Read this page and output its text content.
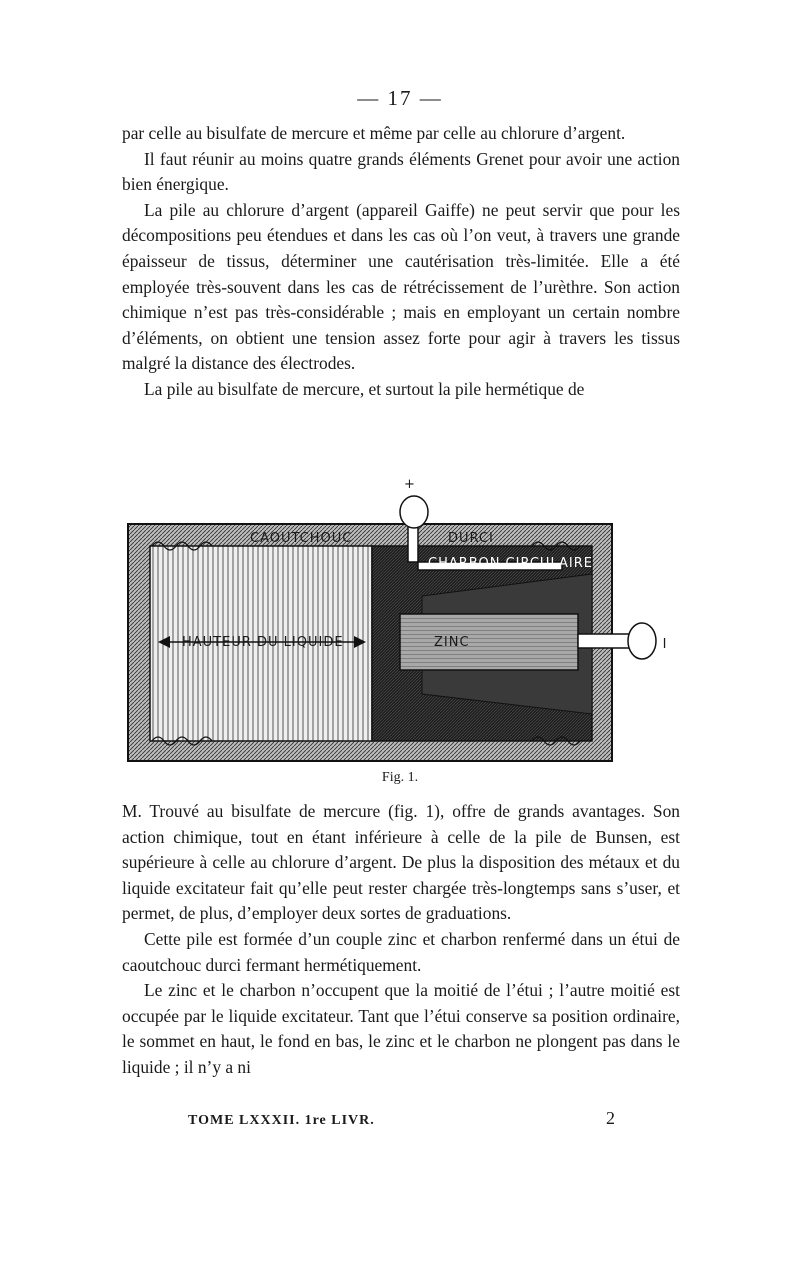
— 17 —

par celle au bisulfate de mercure et même par celle au chlorure d’argent.

Il faut réunir au moins quatre grands éléments Grenet pour avoir une action bien énergique.

La pile au chlorure d’argent (appareil Gaiffe) ne peut servir que pour les décompositions peu étendues et dans les cas où l’on veut, à travers une grande épaisseur de tissus, déterminer une cautérisation très-limitée. Elle a été employée très-souvent dans les cas de rétrécissement de l’urèthre. Son action chimique n’est pas très-considérable ; mais en employant un certain nombre d’éléments, on obtient une tension assez forte pour agir à travers les tissus malgré la distance des électrodes.

La pile au bisulfate de mercure, et surtout la pile hermétique de

+
I
CAOUTCHOUC	DURCI
CHARBON CIRCULAIRE
ZINC
HAUTEUR DU LIQUIDE
Fig. 1.

M. Trouvé au bisulfate de mercure (fig. 1), offre de grands avantages. Son action chimique, tout en étant inférieure à celle de la pile de Bunsen, est supérieure à celle au chlorure d’argent. De plus la disposition des métaux et du liquide excitateur fait qu’elle peut rester chargée très-longtemps sans s’user, et permet, de plus, d’employer deux sortes de graduations.

Cette pile est formée d’un couple zinc et charbon renfermé dans un étui de caoutchouc durci fermant hermétiquement.

Le zinc et le charbon n’occupent que la moitié de l’étui ; l’autre moitié est occupée par le liquide excitateur. Tant que l’étui conserve sa position ordinaire, le sommet en haut, le fond en bas, le zinc et le charbon ne plongent pas dans le liquide ; il n’y a ni

TOME LXXXII. 1re LIVR.	2
